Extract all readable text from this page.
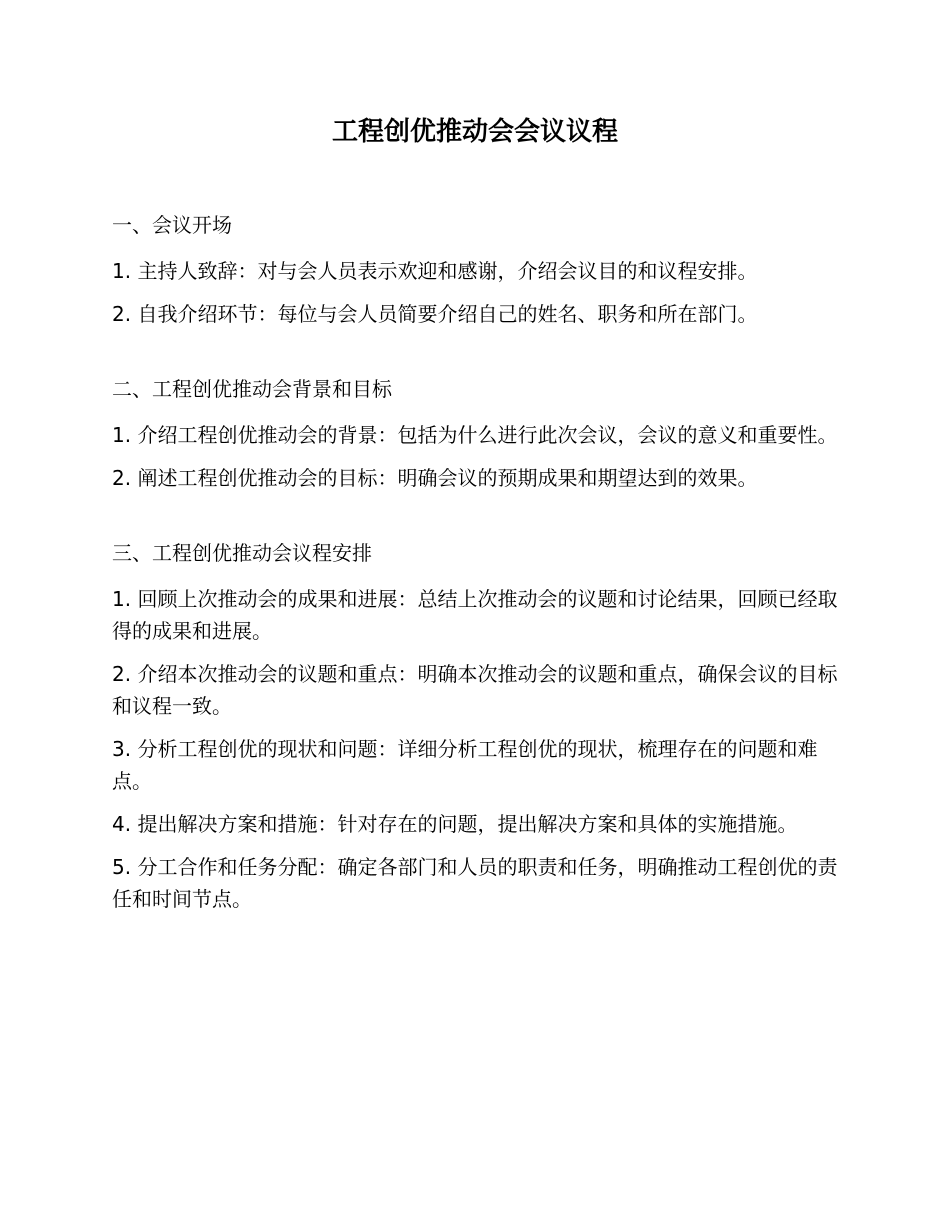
工程创优推动会会议议程

一、会议开场

1. 主持人致辞：对与会人员表示欢迎和感谢，介绍会议目的和议程安排。

2. 自我介绍环节：每位与会人员简要介绍自己的姓名、职务和所在部门。

二、工程创优推动会背景和目标

1. 介绍工程创优推动会的背景：包括为什么进行此次会议，会议的意义和重要性。

2. 阐述工程创优推动会的目标：明确会议的预期成果和期望达到的效果。

三、工程创优推动会议程安排

1. 回顾上次推动会的成果和进展：总结上次推动会的议题和讨论结果，回顾已经取得的成果和进展。

2. 介绍本次推动会的议题和重点：明确本次推动会的议题和重点，确保会议的目标和议程一致。

3. 分析工程创优的现状和问题：详细分析工程创优的现状，梳理存在的问题和难点。

4. 提出解决方案和措施：针对存在的问题，提出解决方案和具体的实施措施。

5. 分工合作和任务分配：确定各部门和人员的职责和任务，明确推动工程创优的责任和时间节点。
